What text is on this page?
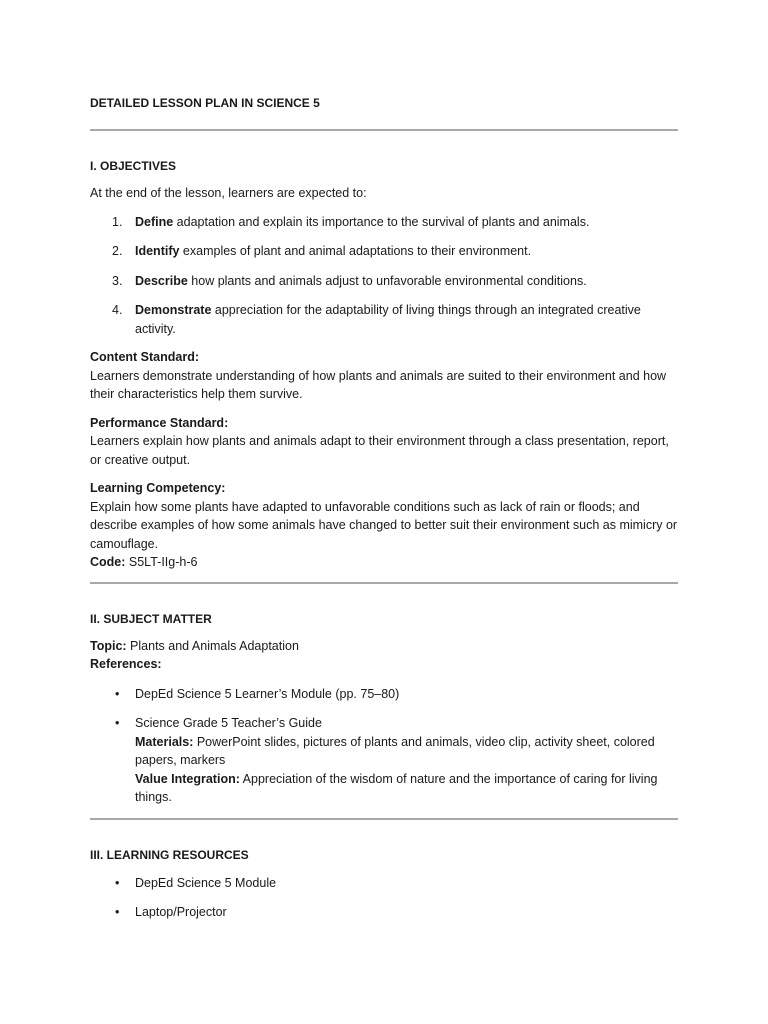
DETAILED LESSON PLAN IN SCIENCE 5

I. OBJECTIVES

At the end of the lesson, learners are expected to:

1. Define adaptation and explain its importance to the survival of plants and animals.
2. Identify examples of plant and animal adaptations to their environment.
3. Describe how plants and animals adjust to unfavorable environmental conditions.
4. Demonstrate appreciation for the adaptability of living things through an integrated creative activity.

Content Standard:

Learners demonstrate understanding of how plants and animals are suited to their environment and how their characteristics help them survive.

Performance Standard:

Learners explain how plants and animals adapt to their environment through a class presentation, report, or creative output.

Learning Competency:

Explain how some plants have adapted to unfavorable conditions such as lack of rain or floods; and describe examples of how some animals have changed to better suit their environment such as mimicry or camouflage.

Code: S5LT-IIg-h-6

II. SUBJECT MATTER

Topic: Plants and Animals Adaptation

References:

• DepEd Science 5 Learner’s Module (pp. 75–80)
• Science Grade 5 Teacher’s Guide
Materials: PowerPoint slides, pictures of plants and animals, video clip, activity sheet, colored papers, markers
Value Integration: Appreciation of the wisdom of nature and the importance of caring for living things.

III. LEARNING RESOURCES

• DepEd Science 5 Module
• Laptop/Projector
